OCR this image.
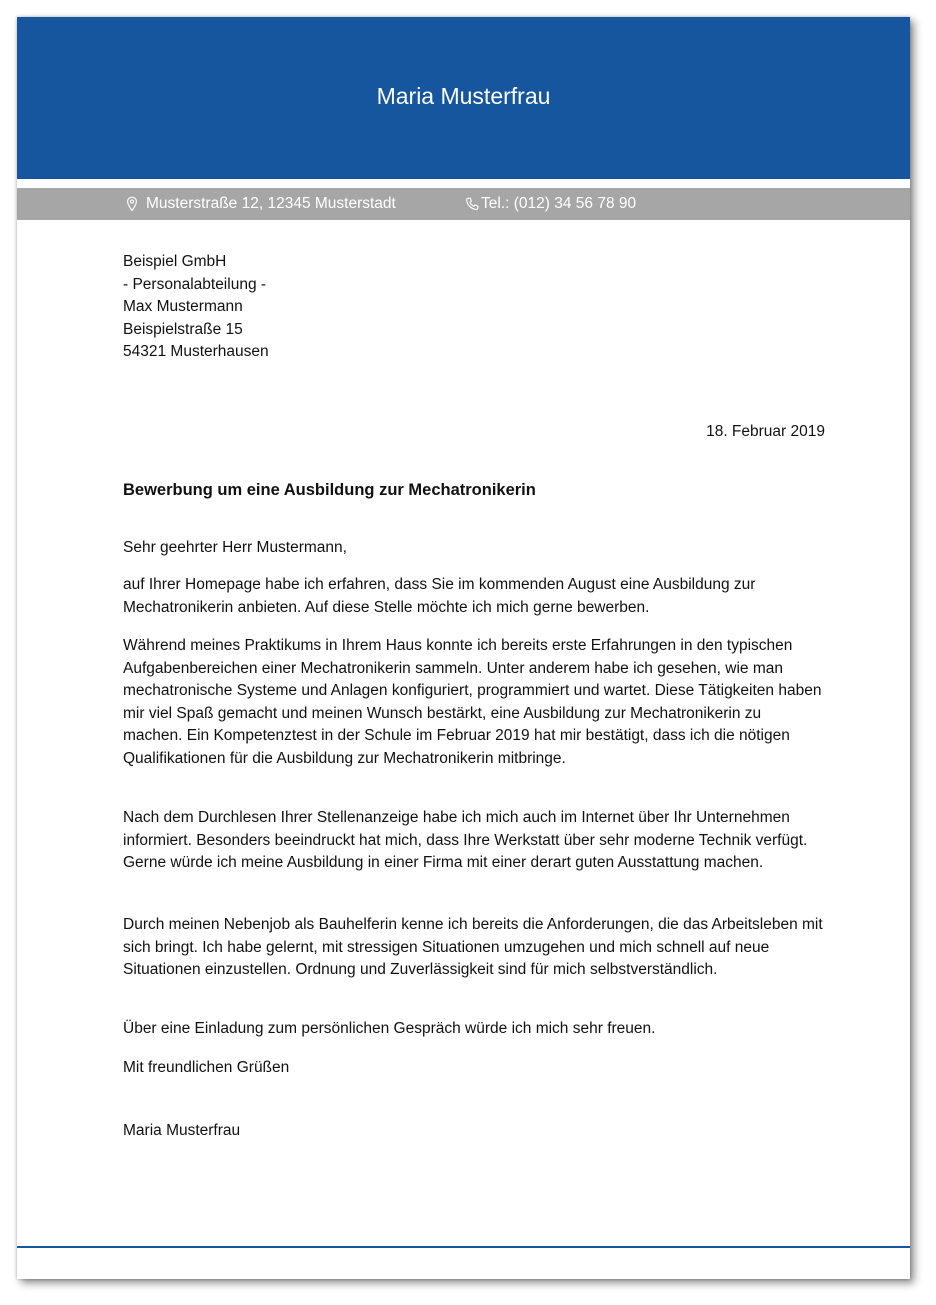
Maria Musterfrau
Musterstraße 12, 12345 Musterstadt	Tel.: (012) 34 56 78 90
Beispiel GmbH
- Personalabteilung -
Max Mustermann
Beispielstraße 15
54321 Musterhausen
18. Februar 2019
Bewerbung um eine Ausbildung zur Mechatronikerin
Sehr geehrter Herr Mustermann,
auf Ihrer Homepage habe ich erfahren, dass Sie im kommenden August eine Ausbildung zur Mechatronikerin anbieten. Auf diese Stelle möchte ich mich gerne bewerben.
Während meines Praktikums in Ihrem Haus konnte ich bereits erste Erfahrungen in den typischen Aufgabenbereichen einer Mechatronikerin sammeln. Unter anderem habe ich gesehen, wie man mechatronische Systeme und Anlagen konfiguriert, programmiert und wartet. Diese Tätigkeiten haben mir viel Spaß gemacht und meinen Wunsch bestärkt, eine Ausbildung zur Mechatronikerin zu machen. Ein Kompetenztest in der Schule im Februar 2019 hat mir bestätigt, dass ich die nötigen Qualifikationen für die Ausbildung zur Mechatronikerin mitbringe.
Nach dem Durchlesen Ihrer Stellenanzeige habe ich mich auch im Internet über Ihr Unternehmen informiert. Besonders beeindruckt hat mich, dass Ihre Werkstatt über sehr moderne Technik verfügt. Gerne würde ich meine Ausbildung in einer Firma mit einer derart guten Ausstattung machen.
Durch meinen Nebenjob als Bauhelferin kenne ich bereits die Anforderungen, die das Arbeitsleben mit sich bringt. Ich habe gelernt, mit stressigen Situationen umzugehen und mich schnell auf neue Situationen einzustellen. Ordnung und Zuverlässigkeit sind für mich selbstverständlich.
Über eine Einladung zum persönlichen Gespräch würde ich mich sehr freuen.
Mit freundlichen Grüßen
Maria Musterfrau
